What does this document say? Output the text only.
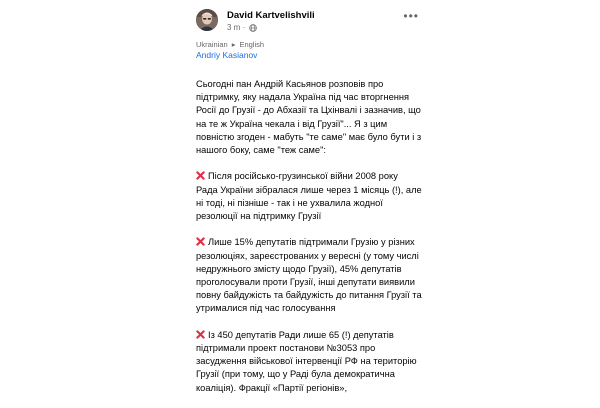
David Kartvelishvili
3 m ·
•••
Ukrainian ▸ English
Andriy Kasianov

Сьогодні пан Андрій Касьянов розповів про підтримку, яку надала Україна під час вторгнення Росії до Грузії - до Абхазії та Цхінвалі і зазначив, що на те ж Україна чекала і від Грузії"... Я з цим повністю згоден - мабуть "те саме" має було бути і з нашого боку, саме "теж саме":

Після російсько-грузинської війни 2008 року Рада України зібралася лише через 1 місяць (!), але ні тоді, ні пізніше - так і не ухвалила жодної резолюції на підтримку Грузії

Лише 15% депутатів підтримали Грузію у різних резолюціях, зареєстрованих у вересні (у тому числі недружнього змісту щодо Грузії), 45% депутатів проголосували проти Грузії, інші депутати виявили повну байдужість та байдужість до питання Грузії та утрималися під час голосування

Із 450 депутатів Ради лише 65 (!) депутатів підтримали проект постанови №3053 про засудження військової інтервенції РФ на територію Грузії (при тому, що у Раді була демократична коаліція). Фракції «Партії регіонів»,
